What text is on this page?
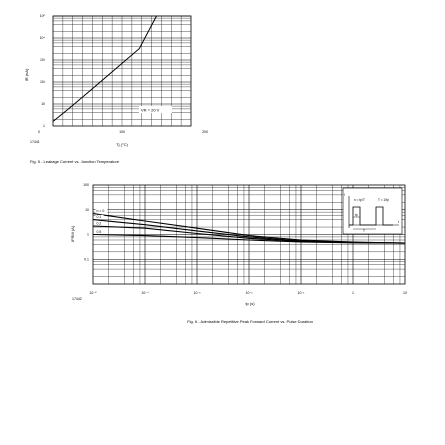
1
10
10²
10³
10⁴
10⁵
0	100	200
IR (nA)
Tj (°C)
VR = 20 V
17441
Fig. 5 - Leakage Current vs. Junction Temperature
0.1
1
10
100
10⁻⁵	10⁻⁴	10⁻³	10⁻²	10⁻¹	1	10
n = 0
0.1
0.2
0.5
n = tp/T	T = 1/fp
tp
T
I
t
IFRM (A)
tp (s)
17442
Fig. 6 - Admissible Repetitive Peak Forward Current vs. Pulse Duration
